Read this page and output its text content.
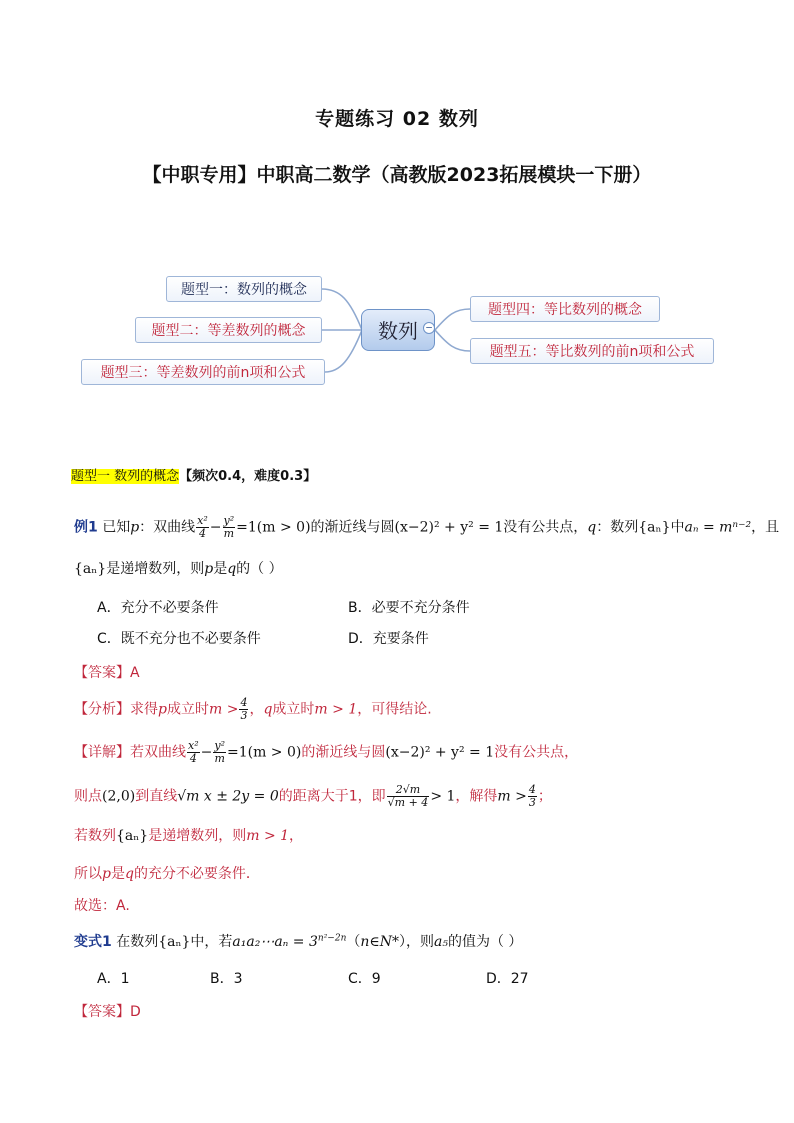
专题练习 02 数列
【中职专用】中职高二数学（高教版2023拓展模块一下册）
题型一：数列的概念
题型二：等差数列的概念
题型三：等差数列的前n项和公式
数列 −
题型四：等比数列的概念
题型五：等比数列的前n项和公式
题型一 数列的概念【频次0.4，难度0.3】
例1 已知p：双曲线 $\frac{\text{x²}}{4} - \frac{\text{y²}}{m} =1(m > 0)$的渐近线与圆(x−2)² + y² = 1没有公共点，q：数列{aₙ}中aₙ = mⁿ⁻²，且
{aₙ}是递增数列，则p是q的（ ）
A．充分不必要条件	B．必要不充分条件
C．既不充分也不必要条件	D．充要条件
【答案】A
【分析】求得p成立时$m > \frac{4}{3}$ ，q成立时m > 1，可得结论.
【详解】若双曲线 $\frac{\text{x²}}{4} - \frac{\text{y²}}{m} =1(m > 0)$的渐近线与圆(x−2)² + y² = 1没有公共点，
则点(2,0)到直线√m x ± 2y = 0的距离大于1，即 $\frac{2√m}{√m + 4} > 1$，解得$m > \frac{4}{3}$ ；
若数列{aₙ}是递增数列，则m > 1，
所以p是q的充分不必要条件．
故选：A.
变式1 在数列{aₙ}中，若a₁a₂⋯aₙ = $3^{n^2-2n}(n\in N*)$，则a₅的值为（ ）
A．1	B．3	C．9	D．27
【答案】D
